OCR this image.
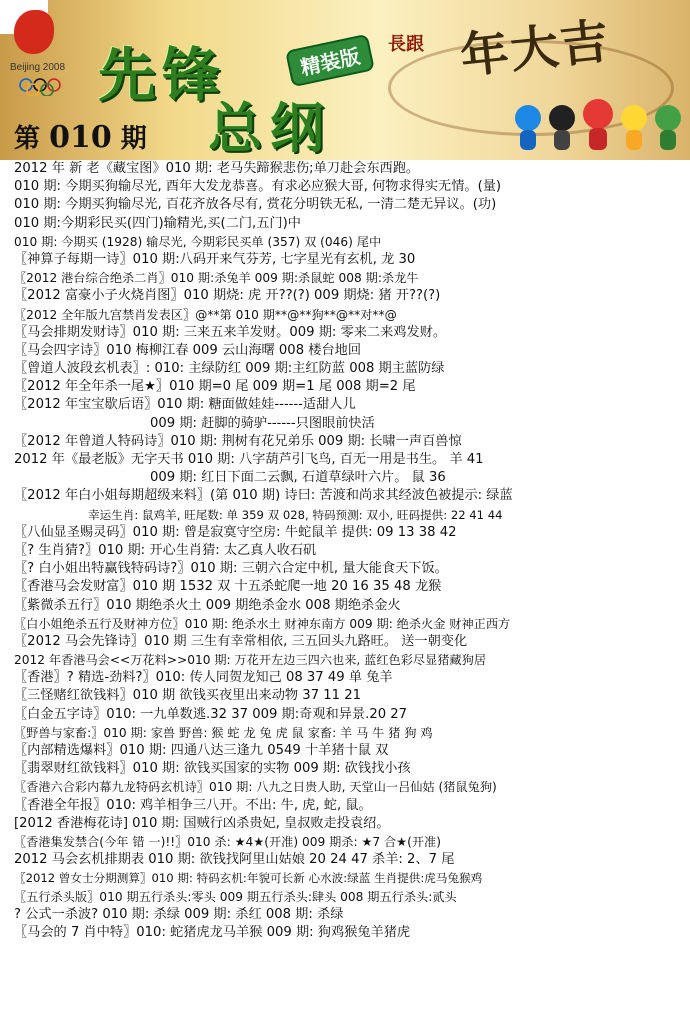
Beijing 2008 先锋	精装版
总纲
第 010 期
長跟 年大吉
2012 年 新 老《藏宝图》010 期: 老马失蹄猴悲伤;单刀赴会东西跑。
010 期: 今期买狗输尽光, 酉年大发龙恭喜。有求必应猴大哥, 何物求得实无情。(量)
010 期: 今期买狗输尽光, 百花齐放各尽有, 赏花分明铁无私, 一清二楚无异议。(功)
010 期:今期彩民买(四门)输精光,买(二门,五门)中
010 期: 今期买 (1928) 输尽光, 今期彩民买单 (357) 双 (046) 尾中
〖神算子每期一诗〗010 期:八码开来气芬芳, 七字星光有玄机, 龙 30
〖2012 港台综合绝杀二肖〗010 期:杀兔羊 009 期:杀鼠蛇 008 期:杀龙牛
〖2012 富豪小子火烧肖图〗010 期烧: 虎 开??(?) 009 期烧: 猪 开??(?)
〖2012 全年版九宫禁肖发表区〗@**第 010 期**@**狗**@**对**@
〖马会排期发财诗〗010 期: 三来五来羊发财。009 期: 零来二来鸡发财。
〖马会四字诗〗010 梅柳江春 009 云山海曙 008 楼台地回
〖曾道人波段玄机表〗: 010: 主绿防红 009 期:主红防蓝 008 期主蓝防绿
〖2012 年全年杀一尾★〗010 期=0 尾 009 期=1 尾 008 期=2 尾
〖2012 年宝宝歇后语〗010 期: 糖面做娃娃------适甜人儿
009 期: 赶脚的骑驴------只图眼前快活
〖2012 年曾道人特码诗〗010 期: 荆树有花兄弟乐 009 期: 长啸一声百兽惊
2012 年《最老版》无字天书 010 期: 八字葫芦引飞鸟, 百无一用是书生。 羊 41
009 期: 红日下面二云飘, 石道草绿叶六片。 鼠 36
〖2012 年白小姐每期超级来料〗(第 010 期) 诗曰: 苦渡和尚求其经波色被提示: 绿蓝
幸运生肖: 鼠鸡羊, 旺尾数: 单 359 双 028, 特码预测: 双小, 旺码提供: 22 41 44
〖八仙显圣赐灵码〗010 期: 曾是寂寞守空房: 牛蛇鼠羊 提供: 09 13 38 42
〖? 生肖猜?〗010 期: 开心生肖猜: 太乙真人收石矶
〖? 白小姐出特赢钱特码诗?〗010 期: 三朝六合定中机, 量大能食天下饭。
〖香港马会发财富〗010 期 1532 双 十五杀蛇爬一地 20 16 35 48 龙猴
〖紫微杀五行〗010 期绝杀火土 009 期绝杀金水 008 期绝杀金火
〖白小姐绝杀五行及财神方位〗010 期: 绝杀水土 财神东南方 009 期: 绝杀火金 财神正西方
〖2012 马会先锋诗〗010 期 三生有幸常相依, 三五回头九路旺。 送一朝变化
2012 年香港马会<<万花料>>010 期: 万花开左边三四六也来, 蓝红色彩尽显猪藏狗居
〖香港〗? 精选-劲料?〗010: 传人同贺龙知己 08 37 49 单 兔羊
〖三怪赌红欲钱料〗010 期 欲钱买夜里出来动物 37 11 21
〖白金五字诗〗010: 一九单数逃.32 37 009 期:奇观和异景.20 27
〖野兽与家畜:〗010 期: 家兽 野兽: 猴 蛇 龙 兔 虎 鼠 家畜: 羊 马 牛 猪 狗 鸡
〖内部精选爆料〗010 期: 四通八达三逢九 0549 十羊猪十鼠 双
〖翡翠财红欲钱料〗010 期: 欲钱买国家的实物 009 期: 砍钱找小孩
〖香港六合彩内幕九龙特码玄机诗〗010 期: 八九之日贵人助, 天堂山一吕仙姑 (猪鼠兔狗)
〖香港全年报〗010: 鸡羊相争三八开。不出: 牛, 虎, 蛇, 鼠。
[2012 香港梅花诗] 010 期: 国贼行凶杀贵妃, 皇叔败走投袁绍。
〖香港集发禁合(今年 错 一)!!〗010 杀: ★4★(开准) 009 期杀: ★7 合★(开准)
2012 马会玄机排期表 010 期: 欲钱找阿里山姑娘 20 24 47 杀羊: 2、7 尾
〖2012 曾女士分期测算〗010 期: 特码玄机:年貌可长新 心水波:绿蓝 生肖提供:虎马兔猴鸡
〖五行杀头版〗010 期五行杀头:零头 009 期五行杀头:肆头 008 期五行杀头:贰头
? 公式一杀波? 010 期: 杀绿 009 期: 杀红 008 期: 杀绿
〖马会的 7 肖中特〗010: 蛇猪虎龙马羊猴 009 期: 狗鸡猴兔羊猪虎
